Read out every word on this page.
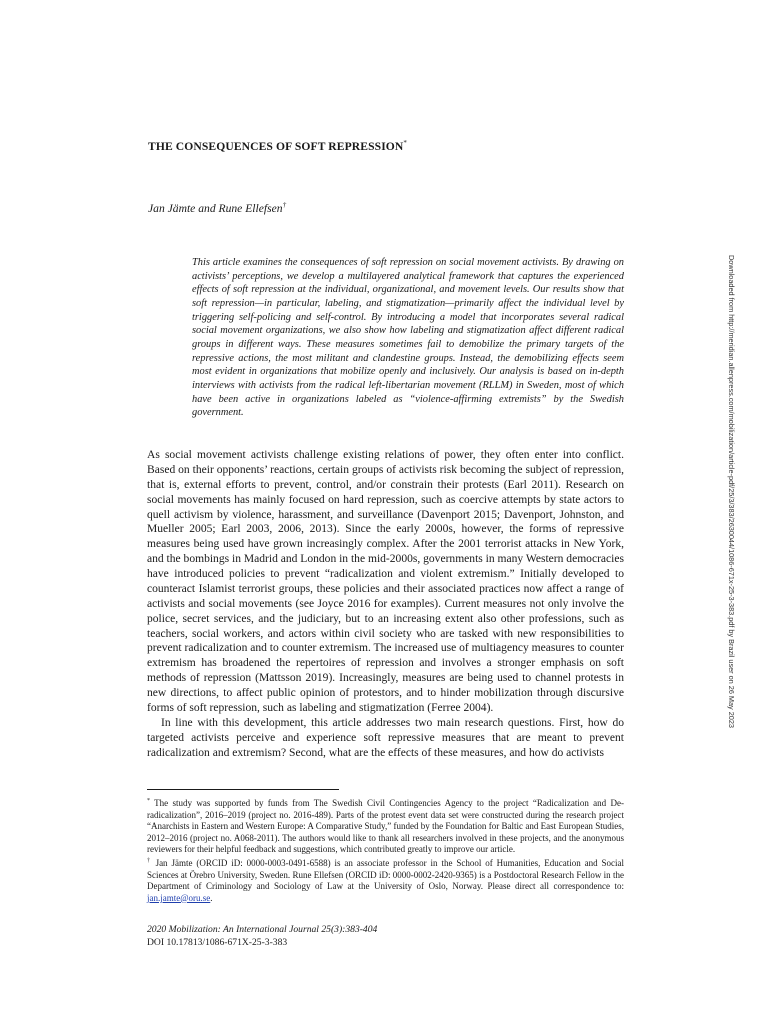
THE CONSEQUENCES OF SOFT REPRESSION*

Jan Jämte and Rune Ellefsen†

This article examines the consequences of soft repression on social movement activists. By drawing on activists’ perceptions, we develop a multilayered analytical framework that captures the experienced effects of soft repression at the individual, organizational, and movement levels. Our results show that soft repression—in particular, labeling, and stigmatization—primarily affect the individual level by triggering self-policing and self-control. By introducing a model that incorporates several radical social movement organizations, we also show how labeling and stigmatization affect different radical groups in different ways. These measures sometimes fail to demobilize the primary targets of the repressive actions, the most militant and clandestine groups. Instead, the demobilizing effects seem most evident in organizations that mobilize openly and inclusively. Our analysis is based on in-depth interviews with activists from the radical left-libertarian movement (RLLM) in Sweden, most of which have been active in organizations labeled as “violence-affirming extremists” by the Swedish government.

As social movement activists challenge existing relations of power, they often enter into conflict. Based on their opponents’ reactions, certain groups of activists risk becoming the subject of repression, that is, external efforts to prevent, control, and/or constrain their protests (Earl 2011). Research on social movements has mainly focused on hard repression, such as coercive attempts by state actors to quell activism by violence, harassment, and surveillance (Davenport 2015; Davenport, Johnston, and Mueller 2005; Earl 2003, 2006, 2013). Since the early 2000s, however, the forms of repressive measures being used have grown increasingly complex. After the 2001 terrorist attacks in New York, and the bombings in Madrid and London in the mid-2000s, governments in many Western democracies have introduced policies to prevent “radicalization and violent extremism.” Initially developed to counteract Islamist terrorist groups, these policies and their associated practices now affect a range of activists and social movements (see Joyce 2016 for examples). Current measures not only involve the police, secret services, and the judiciary, but to an increasing extent also other professions, such as teachers, social workers, and actors within civil society who are tasked with new responsibilities to prevent radicalization and to counter extremism. The increased use of multiagency measures to counter extremism has broadened the repertoires of repression and involves a stronger emphasis on soft methods of repression (Mattsson 2019). Increasingly, measures are being used to channel protests in new directions, to affect public opinion of protestors, and to hinder mobilization through discursive forms of soft repression, such as labeling and stigmatization (Ferree 2004).

In line with this development, this article addresses two main research questions. First, how do targeted activists perceive and experience soft repressive measures that are meant to prevent radicalization and extremism? Second, what are the effects of these measures, and how do activists

* The study was supported by funds from The Swedish Civil Contingencies Agency to the project “Radicalization and De-radicalization”, 2016–2019 (project no. 2016-489). Parts of the protest event data set were constructed during the research project “Anarchists in Eastern and Western Europe: A Comparative Study,” funded by the Foundation for Baltic and East European Studies, 2012–2016 (project no. A068-2011). The authors would like to thank all researchers involved in these projects, and the anonymous reviewers for their helpful feedback and suggestions, which contributed greatly to improve our article.

† Jan Jämte (ORCID iD: 0000-0003-0491-6588) is an associate professor in the School of Humanities, Education and Social Sciences at Örebro University, Sweden. Rune Ellefsen (ORCID iD: 0000-0002-2420-9365) is a Postdoctoral Research Fellow in the Department of Criminology and Sociology of Law at the University of Oslo, Norway. Please direct all correspondence to: jan.jamte@oru.se.

2020 Mobilization: An International Journal 25(3):383-404

DOI 10.17813/1086-671X-25-3-383

Downloaded from http://meridian.allenpress.com/mobilization/article-pdf/25/3/383/2630044/1086-671x-25-3-383.pdf by Brazil user on 26 May 2023
